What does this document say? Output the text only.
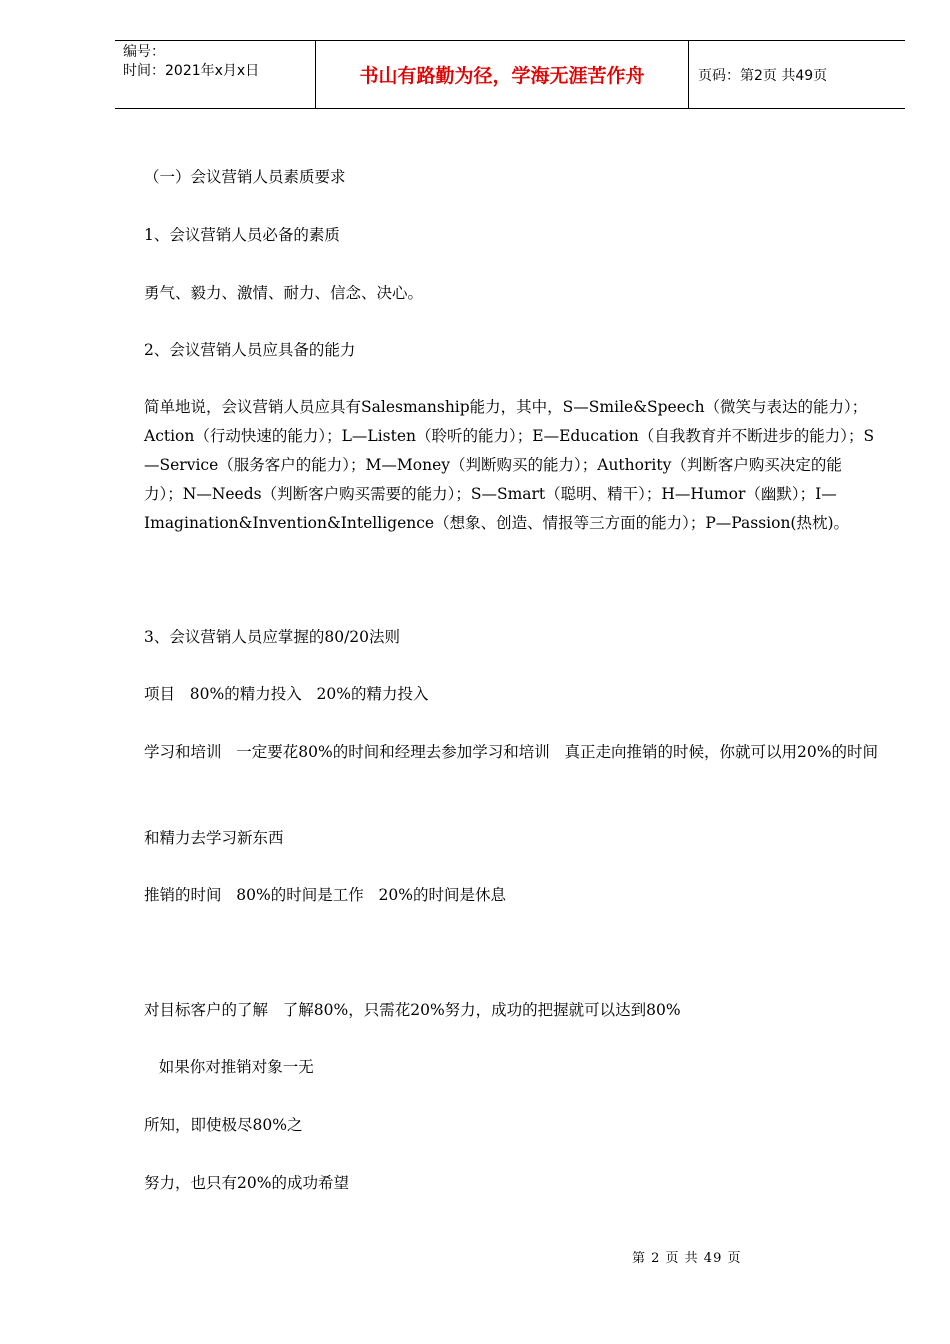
编号：
时间：2021年x月x日	书山有路勤为径，学海无涯苦作舟	页码：第2页 共49页

（一）会议营销人员素质要求

1、会议营销人员必备的素质

勇气、毅力、激情、耐力、信念、决心。

2、会议营销人员应具备的能力

简单地说，会议营销人员应具有Salesmanship能力，其中，S—Smile&Speech（微笑与表达的能力）；Action（行动快速的能力）；L—Listen（聆听的能力）；E—Education（自我教育并不断进步的能力）；S—Service（服务客户的能力）；M—Money（判断购买的能力）；Authority（判断客户购买决定的能力）；N—Needs（判断客户购买需要的能力）；S—Smart（聪明、精干）；H—Humor（幽默）；I—Imagination&Invention&Intelligence（想象、创造、情报等三方面的能力）；P—Passion(热枕)。

3、会议营销人员应掌握的80/20法则

项目   80%的精力投入   20%的精力投入

学习和培训   一定要花80%的时间和经理去参加学习和培训   真正走向推销的时候，你就可以用20%的时间

和精力去学习新东西

推销的时间   80%的时间是工作   20%的时间是休息

对目标客户的了解   了解80%，只需花20%努力，成功的把握就可以达到80%

如果你对推销对象一无

所知，即使极尽80%之

努力，也只有20%的成功希望

第 2 页 共 49 页
